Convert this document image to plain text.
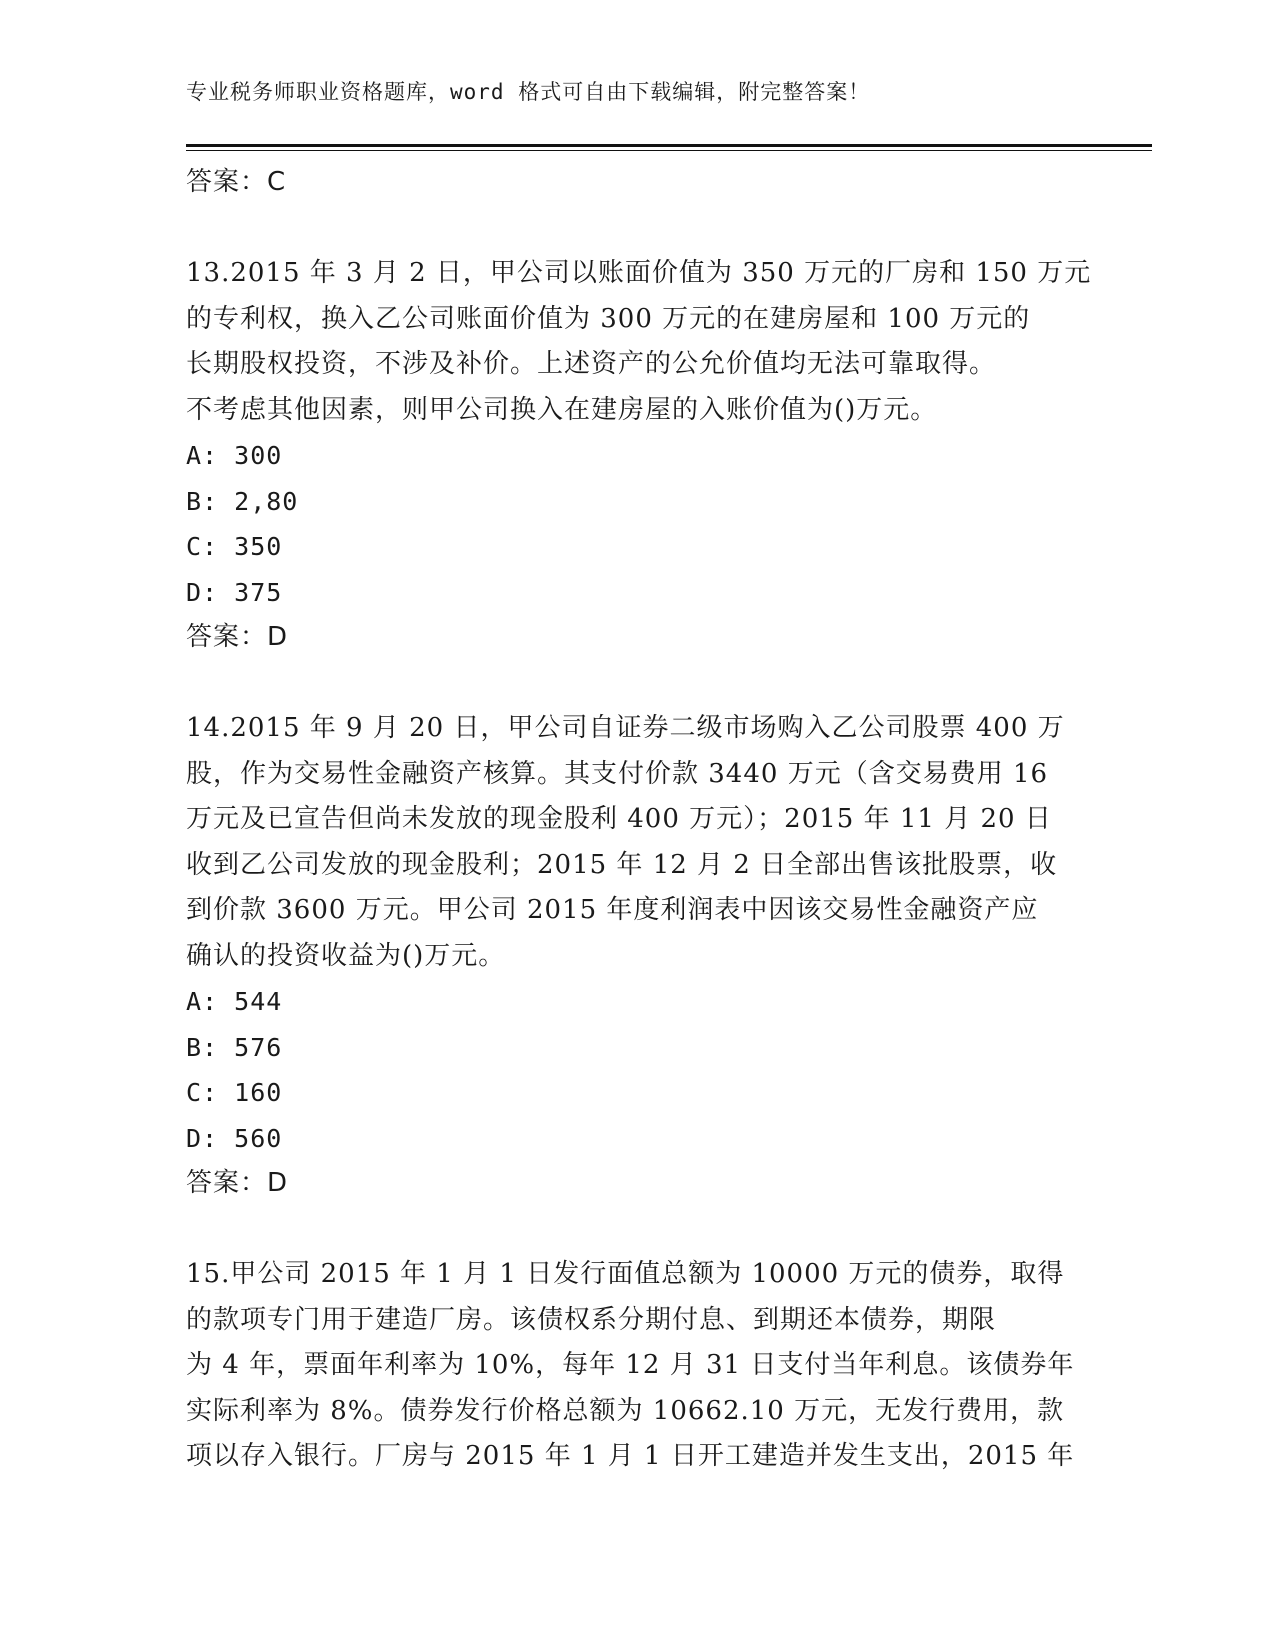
专业税务师职业资格题库，word 格式可自由下载编辑，附完整答案！
答案：C
13.2015 年 3 月 2 日，甲公司以账面价值为 350 万元的厂房和 150 万元
的专利权，换入乙公司账面价值为 300 万元的在建房屋和 100 万元的
长期股权投资，不涉及补价。上述资产的公允价值均无法可靠取得。
不考虑其他因素，则甲公司换入在建房屋的入账价值为()万元。
A: 300
B: 2,80
C: 350
D: 375
答案：D
14.2015 年 9 月 20 日，甲公司自证券二级市场购入乙公司股票 400 万
股，作为交易性金融资产核算。其支付价款 3440 万元（含交易费用 16
万元及已宣告但尚未发放的现金股利 400 万元）；2015 年 11 月 20 日
收到乙公司发放的现金股利；2015 年 12 月 2 日全部出售该批股票，收
到价款 3600 万元。甲公司 2015 年度利润表中因该交易性金融资产应
确认的投资收益为()万元。
A: 544
B: 576
C: 160
D: 560
答案：D
15.甲公司 2015 年 1 月 1 日发行面值总额为 10000 万元的债券，取得
的款项专门用于建造厂房。该债权系分期付息、到期还本债券，期限
为 4 年，票面年利率为 10%，每年 12 月 31 日支付当年利息。该债券年
实际利率为 8%。债券发行价格总额为 10662.10 万元，无发行费用，款
项以存入银行。厂房与 2015 年 1 月 1 日开工建造并发生支出，2015 年
